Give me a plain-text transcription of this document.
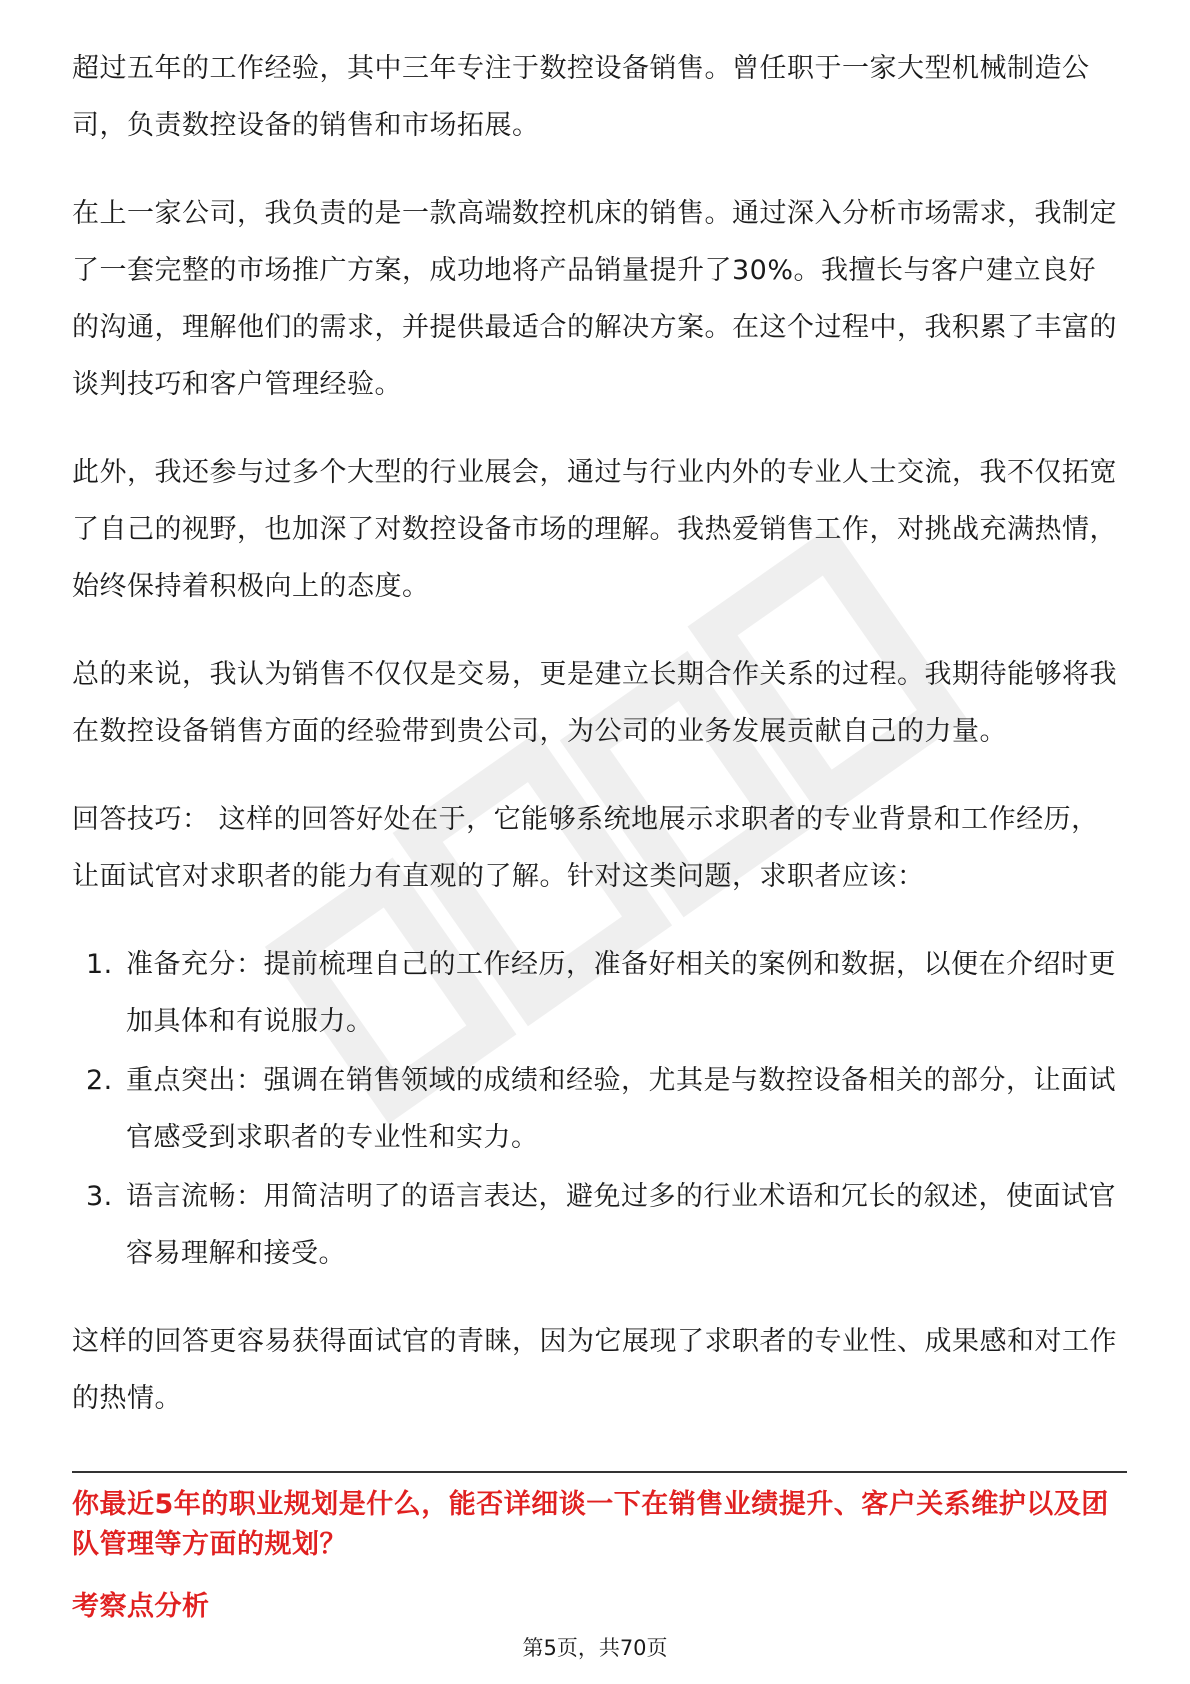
超过五年的工作经验，其中三年专注于数控设备销售。曾任职于一家大型机械制造公司，负责数控设备的销售和市场拓展。

在上一家公司，我负责的是一款高端数控机床的销售。通过深入分析市场需求，我制定了一套完整的市场推广方案，成功地将产品销量提升了30%。我擅长与客户建立良好的沟通，理解他们的需求，并提供最适合的解决方案。在这个过程中，我积累了丰富的谈判技巧和客户管理经验。

此外，我还参与过多个大型的行业展会，通过与行业内外的专业人士交流，我不仅拓宽了自己的视野，也加深了对数控设备市场的理解。我热爱销售工作，对挑战充满热情，始终保持着积极向上的态度。

总的来说，我认为销售不仅仅是交易，更是建立长期合作关系的过程。我期待能够将我在数控设备销售方面的经验带到贵公司，为公司的业务发展贡献自己的力量。

回答技巧： 这样的回答好处在于，它能够系统地展示求职者的专业背景和工作经历，让面试官对求职者的能力有直观的了解。针对这类问题，求职者应该：

1. 准备充分：提前梳理自己的工作经历，准备好相关的案例和数据，以便在介绍时更加具体和有说服力。
2. 重点突出：强调在销售领域的成绩和经验，尤其是与数控设备相关的部分，让面试官感受到求职者的专业性和实力。
3. 语言流畅：用简洁明了的语言表达，避免过多的行业术语和冗长的叙述，使面试官容易理解和接受。

这样的回答更容易获得面试官的青睐，因为它展现了求职者的专业性、成果感和对工作的热情。

你最近5年的职业规划是什么，能否详细谈一下在销售业绩提升、客户关系维护以及团队管理等方面的规划？

考察点分析

第5页，共70页
